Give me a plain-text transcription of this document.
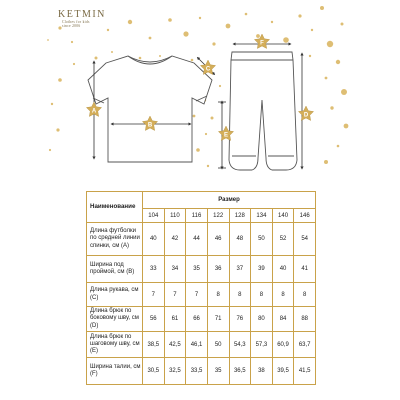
KETMIN
Clothes for kids
since 2006
A
B
C
D
E
F
Наименование	Размер							
	104	110	116	122	128	134	140	146
Длина футболки по средней линии спинки, см (А)	40	42	44	46	48	50	52	54
Ширина под проймой, см (В)	33	34	35	36	37	39	40	41
Длина рукава, см (С)	7	7	7	8	8	8	8	8
Длина брюк по боковому шву, см (D)	56	61	66	71	76	80	84	88
Длина брюк по шаговому шву, см (Е)	38,5	42,5	46,1	50	54,3	57,3	60,9	63,7
Ширина талии, см (F)	30,5	32,5	33,5	35	36,5	38	39,5	41,5
